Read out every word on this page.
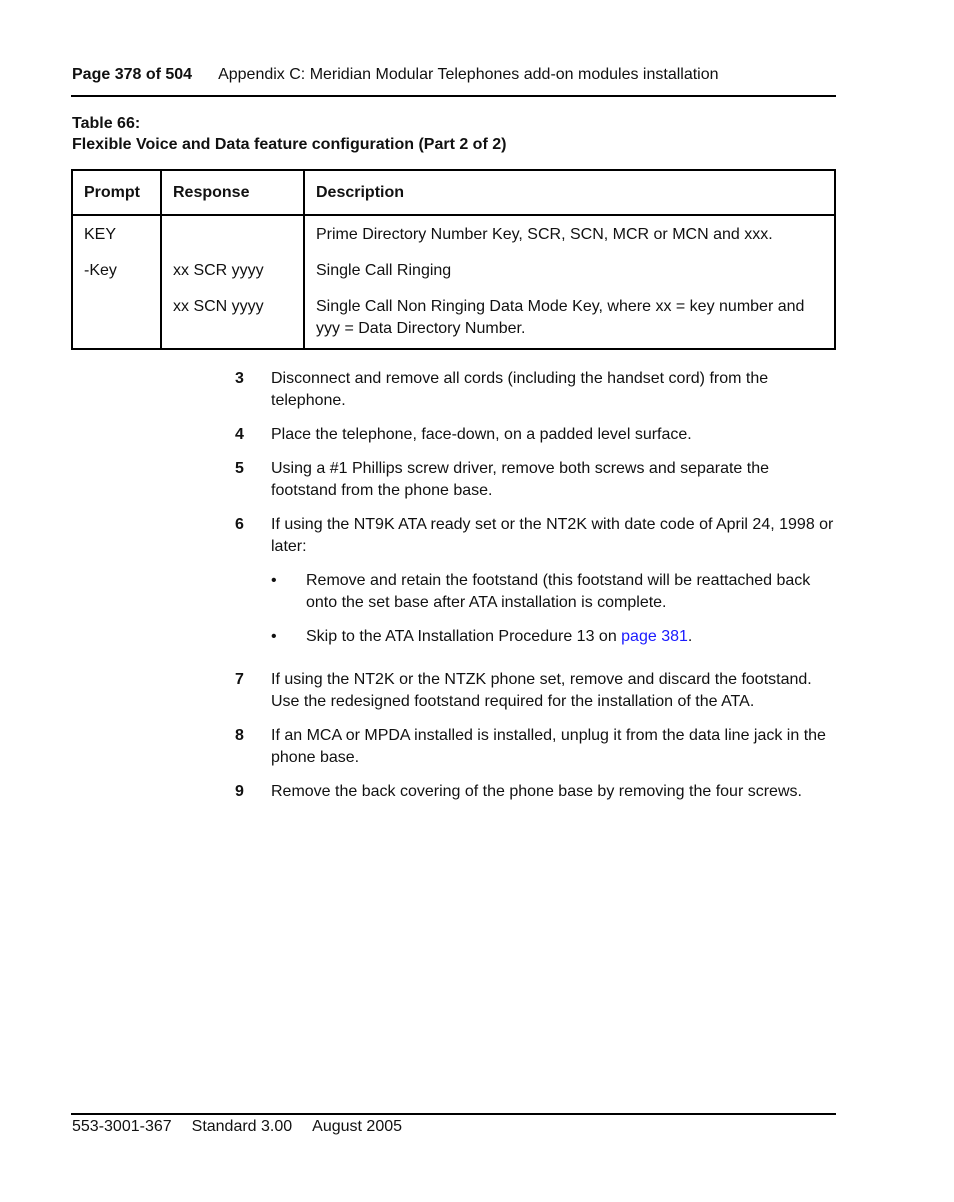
Page 378 of 504 Appendix C: Meridian Modular Telephones add-on modules installation
Table 66:
Flexible Voice and Data feature configuration (Part 2 of 2)
Prompt	Response	Description
KEY		Prime Directory Number Key, SCR, SCN, MCR or MCN and xxx.
-Key	xx SCR yyyy	Single Call Ringing
	xx SCN yyyy	Single Call Non Ringing Data Mode Key, where xx = key number and yyy = Data Directory Number.
3 Disconnect and remove all cords (including the handset cord) from the telephone.
4 Place the telephone, face-down, on a padded level surface.
5 Using a #1 Phillips screw driver, remove both screws and separate the footstand from the phone base.
6 If using the NT9K ATA ready set or the NT2K with date code of April 24, 1998 or later:
• Remove and retain the footstand (this footstand will be reattached back onto the set base after ATA installation is complete.
• Skip to the ATA Installation Procedure 13 on page 381.
7 If using the NT2K or the NTZK phone set, remove and discard the footstand. Use the redesigned footstand required for the installation of the ATA.
8 If an MCA or MPDA installed is installed, unplug it from the data line jack in the phone base.
9 Remove the back covering of the phone base by removing the four screws.
553-3001-367 Standard 3.00 August 2005
